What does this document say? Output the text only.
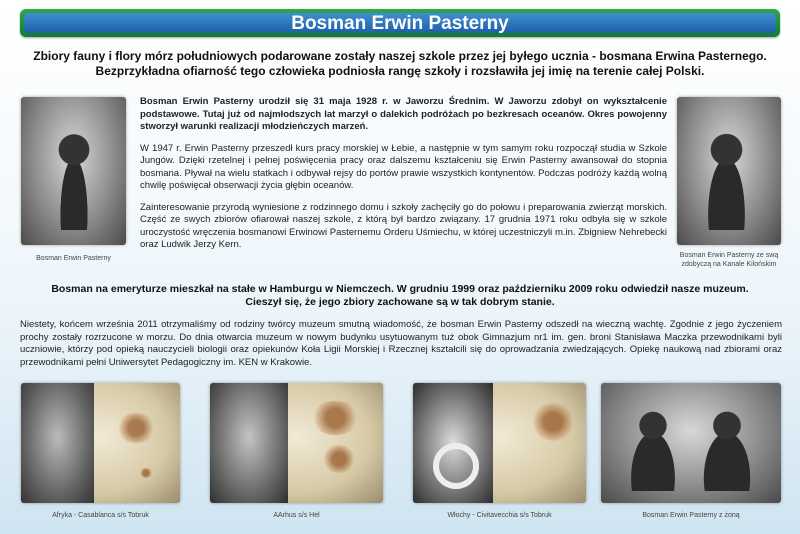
Bosman Erwin Pasterny
Zbiory fauny i flory mórz południowych podarowane zostały naszej szkole przez jej byłego ucznia - bosmana Erwina Pasternego.
Bezprzykładna ofiarność tego człowieka podniosła rangę szkoły i rozsławiła jej imię na terenie całej Polski.
Bosman Erwin Pasterny	Bosman Erwin Pasterny ze swą zdobyczą na Kanale Kilońskim

Bosman Erwin Pasterny urodził się 31 maja 1928 r. w Jaworzu Średnim. W Jaworzu zdobył on wykształcenie podstawowe. Tutaj już od najmłodszych lat marzył o dalekich podróżach po bezkresach oceanów. Okres powojenny stworzył warunki realizacji młodzieńczych marzeń.

W 1947 r. Erwin Pasterny przeszedł kurs pracy morskiej w Łebie, a następnie w tym samym roku rozpoczął studia w Szkole Jungów. Dzięki rzetelnej i pełnej poświęcenia pracy oraz dalszemu kształceniu się Erwin Pasterny awansował do stopnia bosmana. Pływał na wielu statkach i odbywał rejsy do portów prawie wszystkich kontynentów. Podczas podróży każdą wolną chwilę poświęcał obserwacji życia głębin oceanów.

Zainteresowanie przyrodą wyniesione z rodzinnego domu i szkoły zachęciły go do połowu i preparowania zwierząt morskich. Część ze swych zbiorów ofiarował naszej szkole, z którą był bardzo związany. 17 grudnia 1971 roku odbyła się w szkole uroczystość wręczenia bosmanowi Erwinowi Pasternemu Orderu Uśmiechu, w której uczestniczyli m.in. Zbigniew Nehrebecki oraz Ludwik Jerzy Kern.

Bosman na emeryturze mieszkał na stałe w Hamburgu w Niemczech. W grudniu 1999 oraz październiku 2009 roku odwiedził nasze muzeum.
Cieszył się, że jego zbiory zachowane są w tak dobrym stanie.
Niestety, końcem września 2011 otrzymaliśmy od rodziny twórcy muzeum smutną wiadomość, że bosman Erwin Pasterny odszedł na wieczną wachtę. Zgodnie z jego życzeniem prochy zostały rozrzucone w morzu. Do dnia otwarcia muzeum w nowym budynku usytuowanym tuż obok Gimnazjum nr1 im. gen. broni Stanisława Maczka przewodnikami byli uczniowie, którzy pod opieką nauczycieli biologii oraz opiekunów Koła Ligii Morskiej i Rzecznej kształcili się do oprowadzania zwiedzających. Opiekę naukową nad zbiorami oraz przewodnikami pełni Uniwersytet Pedagogiczny im. KEN w Krakowie.
Afryka - Casablanca s/s Tobruk	AArhus s/s Hel	Włochy - Civitavecchia s/s Tobruk	Bosman Erwin Pasterny z żoną
